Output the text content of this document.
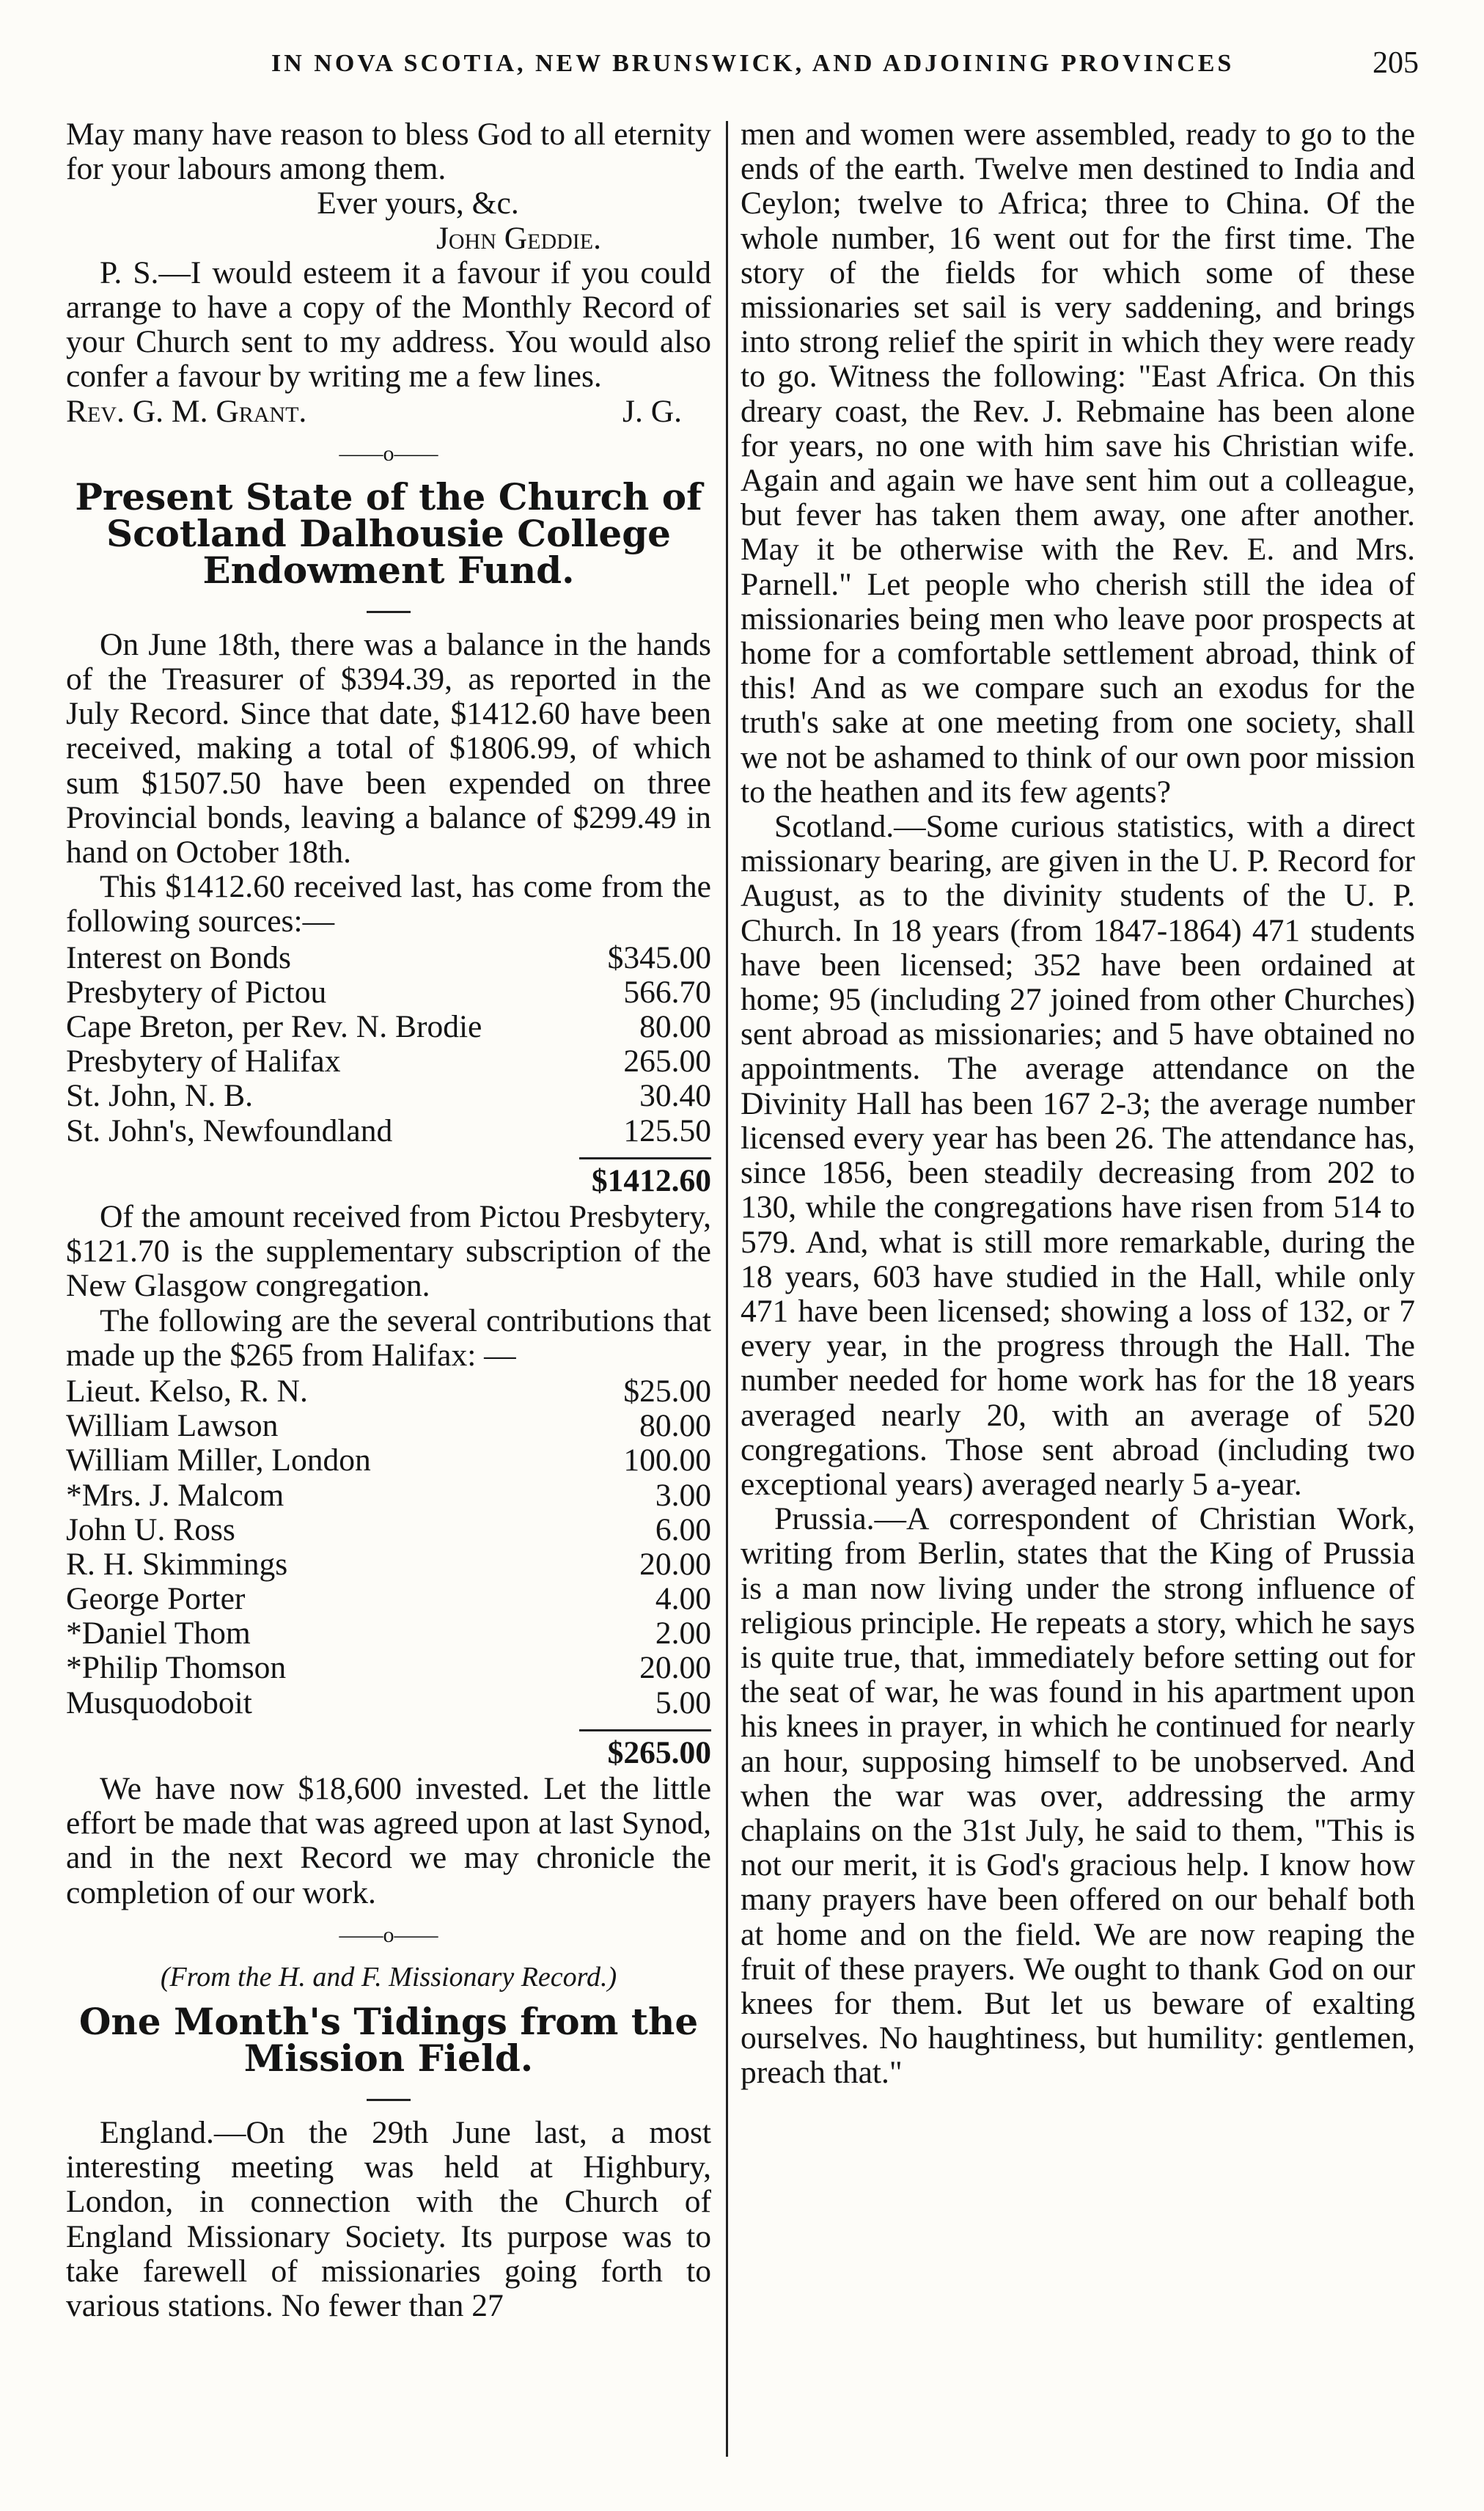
IN NOVA SCOTIA, NEW BRUNSWICK, AND ADJOINING PROVINCES	205

May many have reason to bless God to all eternity for your labours among them.

Ever yours, &c.

John Geddie.

P. S.—I would esteem it a favour if you could arrange to have a copy of the Monthly Record of your Church sent to my address. You would also confer a favour by writing me a few lines.

Rev. G. M. Grant.	J. G.
——o——
Present State of the Church of Scotland Dalhousie College Endowment Fund.

On June 18th, there was a balance in the hands of the Treasurer of $394.39, as reported in the July Record. Since that date, $1412.60 have been received, making a total of $1806.99, of which sum $1507.50 have been expended on three Provincial bonds, leaving a balance of $299.49 in hand on October 18th.

This $1412.60 received last, has come from the following sources:—

Interest on Bonds	$345.00
Presbytery of Pictou	566.70
Cape Breton, per Rev. N. Brodie	80.00
Presbytery of Halifax	265.00
St. John, N. B.	30.40
St. John's, Newfoundland	125.50
$1412.60

Of the amount received from Pictou Presbytery, $121.70 is the supplementary subscription of the New Glasgow congregation.

The following are the several contributions that made up the $265 from Halifax: —

Lieut. Kelso, R. N.	$25.00
William Lawson	80.00
William Miller, London	100.00
*Mrs. J. Malcom	3.00
John U. Ross	6.00
R. H. Skimmings	20.00
George Porter	4.00
*Daniel Thom	2.00
*Philip Thomson	20.00
Musquodoboit	5.00
$265.00

We have now $18,600 invested. Let the little effort be made that was agreed upon at last Synod, and in the next Record we may chronicle the completion of our work.

——o——
(From the H. and F. Missionary Record.)
One Month's Tidings from the Mission Field.

England.—On the 29th June last, a most interesting meeting was held at Highbury, London, in connection with the Church of England Missionary Society. Its purpose was to take farewell of missionaries going forth to various stations. No fewer than 27

men and women were assembled, ready to go to the ends of the earth. Twelve men destined to India and Ceylon; twelve to Africa; three to China. Of the whole number, 16 went out for the first time. The story of the fields for which some of these missionaries set sail is very saddening, and brings into strong relief the spirit in which they were ready to go. Witness the following: "East Africa. On this dreary coast, the Rev. J. Rebmaine has been alone for years, no one with him save his Christian wife. Again and again we have sent him out a colleague, but fever has taken them away, one after another. May it be otherwise with the Rev. E. and Mrs. Parnell." Let people who cherish still the idea of missionaries being men who leave poor prospects at home for a comfortable settlement abroad, think of this! And as we compare such an exodus for the truth's sake at one meeting from one society, shall we not be ashamed to think of our own poor mission to the heathen and its few agents?

Scotland.—Some curious statistics, with a direct missionary bearing, are given in the U. P. Record for August, as to the divinity students of the U. P. Church. In 18 years (from 1847-1864) 471 students have been licensed; 352 have been ordained at home; 95 (including 27 joined from other Churches) sent abroad as missionaries; and 5 have obtained no appointments. The average attendance on the Divinity Hall has been 167 2-3; the average number licensed every year has been 26. The attendance has, since 1856, been steadily decreasing from 202 to 130, while the congregations have risen from 514 to 579. And, what is still more remarkable, during the 18 years, 603 have studied in the Hall, while only 471 have been licensed; showing a loss of 132, or 7 every year, in the progress through the Hall. The number needed for home work has for the 18 years averaged nearly 20, with an average of 520 congregations. Those sent abroad (including two exceptional years) averaged nearly 5 a-year.

Prussia.—A correspondent of Christian Work, writing from Berlin, states that the King of Prussia is a man now living under the strong influence of religious principle. He repeats a story, which he says is quite true, that, immediately before setting out for the seat of war, he was found in his apartment upon his knees in prayer, in which he continued for nearly an hour, supposing himself to be unobserved. And when the war was over, addressing the army chaplains on the 31st July, he said to them, "This is not our merit, it is God's gracious help. I know how many prayers have been offered on our behalf both at home and on the field. We are now reaping the fruit of these prayers. We ought to thank God on our knees for them. But let us beware of exalting ourselves. No haughtiness, but humility: gentlemen, preach that."
